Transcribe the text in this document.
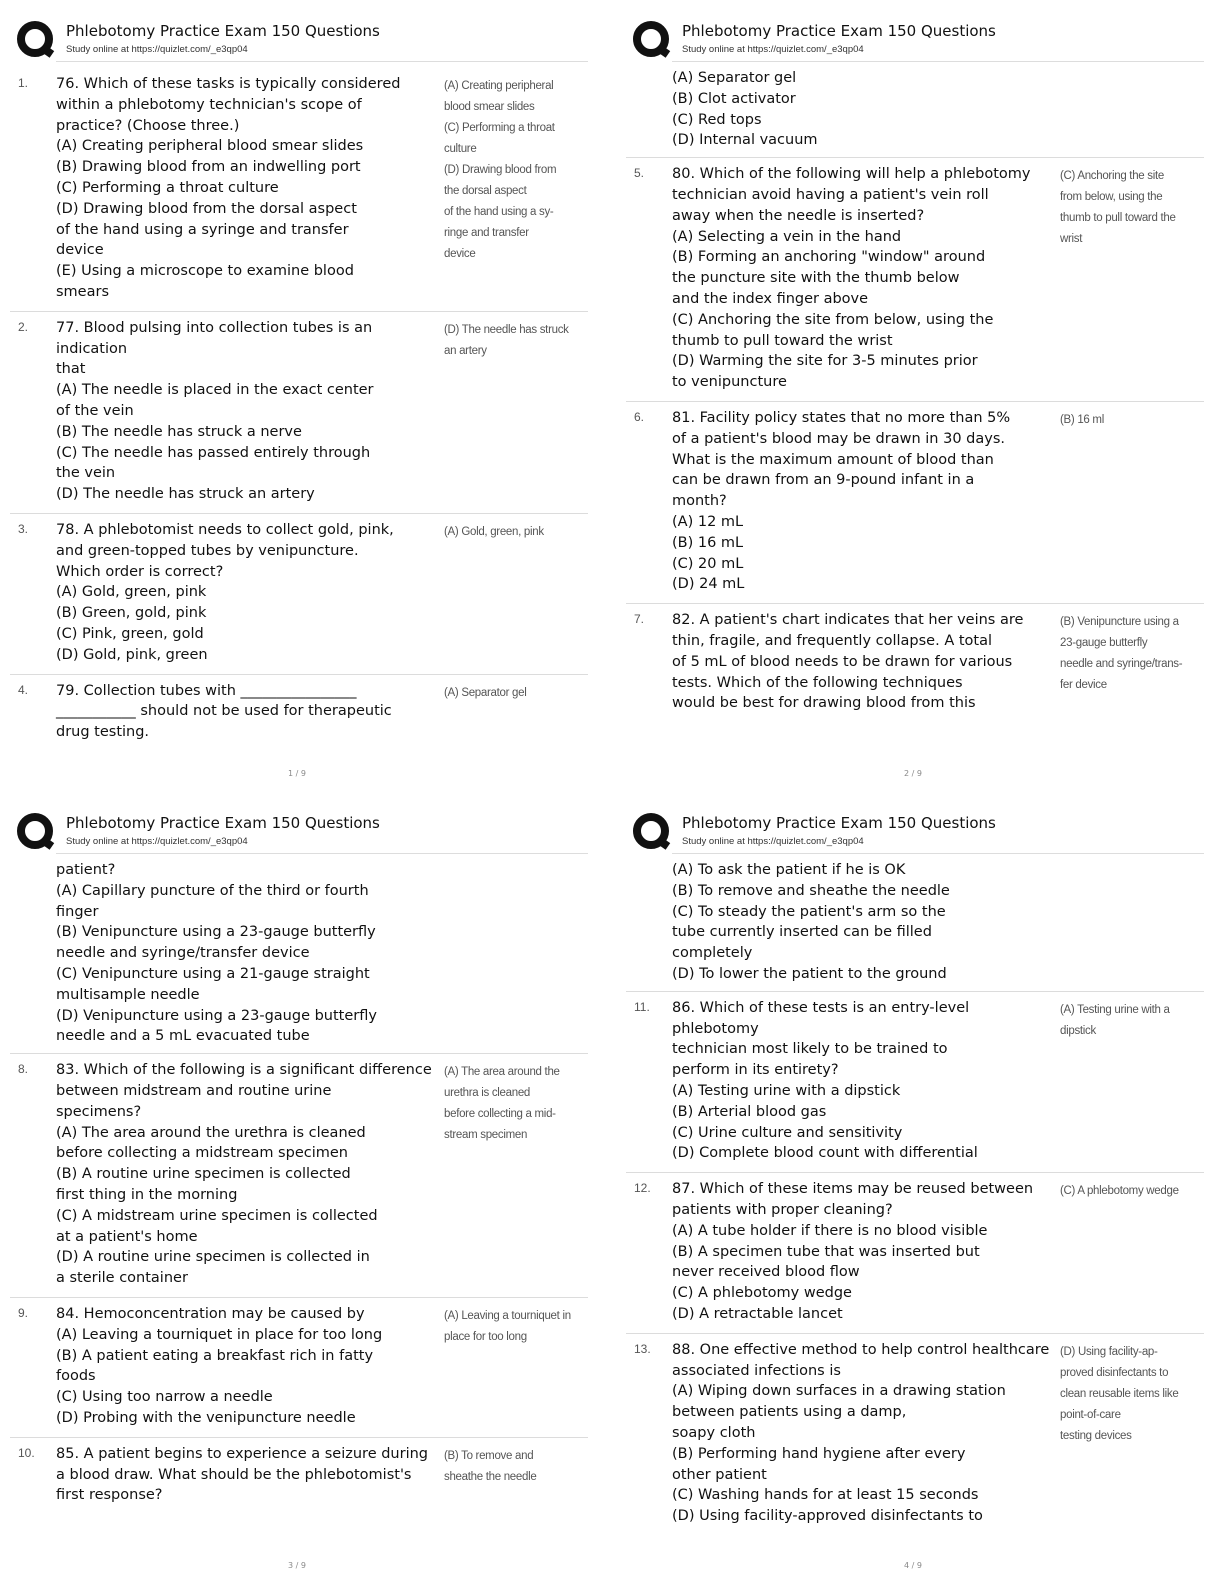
Phlebotomy Practice Exam 150 Questions
Study online at https://quizlet.com/_e3qp04
1. 76. Which of these tasks is typically considered
within a phlebotomy technician's scope of
practice? (Choose three.)
(A) Creating peripheral blood smear slides
(B) Drawing blood from an indwelling port
(C) Performing a throat culture
(D) Drawing blood from the dorsal aspect
of the hand using a syringe and transfer
device
(E) Using a microscope to examine blood
smears
(A) Creating peripheral
blood smear slides
(C) Performing a throat
culture
(D) Drawing blood from
the dorsal aspect
of the hand using a sy-
ringe and transfer
device
2. 77. Blood pulsing into collection tubes is an indication
that
(A) The needle is placed in the exact center
of the vein
(B) The needle has struck a nerve
(C) The needle has passed entirely through
the vein
(D) The needle has struck an artery
(D) The needle has struck
an artery
3. 78. A phlebotomist needs to collect gold, pink,
and green-topped tubes by venipuncture.
Which order is correct?
(A) Gold, green, pink
(B) Green, gold, pink
(C) Pink, green, gold
(D) Gold, pink, green
(A) Gold, green, pink
4. 79. Collection tubes with ________________
___________ should not be used for therapeutic
drug testing.
(A) Separator gel
1 / 9
Phlebotomy Practice Exam 150 Questions
Study online at https://quizlet.com/_e3qp04
(A) Separator gel
(B) Clot activator
(C) Red tops
(D) Internal vacuum
5. 80. Which of the following will help a phlebotomy
technician avoid having a patient's vein roll
away when the needle is inserted?
(A) Selecting a vein in the hand
(B) Forming an anchoring "window" around
the puncture site with the thumb below
and the index finger above
(C) Anchoring the site from below, using the
thumb to pull toward the wrist
(D) Warming the site for 3-5 minutes prior
to venipuncture
(C) Anchoring the site
from below, using the
thumb to pull toward the
wrist
6. 81. Facility policy states that no more than 5%
of a patient's blood may be drawn in 30 days.
What is the maximum amount of blood than
can be drawn from an 9-pound infant in a
month?
(A) 12 mL
(B) 16 mL
(C) 20 mL
(D) 24 mL
(B) 16 ml
7. 82. A patient's chart indicates that her veins are
thin, fragile, and frequently collapse. A total
of 5 mL of blood needs to be drawn for various
tests. Which of the following techniques
would be best for drawing blood from this
(B) Venipuncture using a
23-gauge butterfly
needle and syringe/trans-
fer device
2 / 9
Phlebotomy Practice Exam 150 Questions
Study online at https://quizlet.com/_e3qp04
patient?
(A) Capillary puncture of the third or fourth
finger
(B) Venipuncture using a 23-gauge butterfly
needle and syringe/transfer device
(C) Venipuncture using a 21-gauge straight
multisample needle
(D) Venipuncture using a 23-gauge butterfly
needle and a 5 mL evacuated tube
8. 83. Which of the following is a significant difference
between midstream and routine urine
specimens?
(A) The area around the urethra is cleaned
before collecting a midstream specimen
(B) A routine urine specimen is collected
first thing in the morning
(C) A midstream urine specimen is collected
at a patient's home
(D) A routine urine specimen is collected in
a sterile container
(A) The area around the
urethra is cleaned
before collecting a mid-
stream specimen
9. 84. Hemoconcentration may be caused by
(A) Leaving a tourniquet in place for too long
(B) A patient eating a breakfast rich in fatty
foods
(C) Using too narrow a needle
(D) Probing with the venipuncture needle
(A) Leaving a tourniquet in
place for too long
10. 85. A patient begins to experience a seizure during
a blood draw. What should be the phlebotomist's
first response?
(B) To remove and
sheathe the needle
3 / 9
Phlebotomy Practice Exam 150 Questions
Study online at https://quizlet.com/_e3qp04
(A) To ask the patient if he is OK
(B) To remove and sheathe the needle
(C) To steady the patient's arm so the
tube currently inserted can be filled
completely
(D) To lower the patient to the ground
11. 86. Which of these tests is an entry-level phlebotomy
technician most likely to be trained to
perform in its entirety?
(A) Testing urine with a dipstick
(B) Arterial blood gas
(C) Urine culture and sensitivity
(D) Complete blood count with differential
(A) Testing urine with a
dipstick
12. 87. Which of these items may be reused between
patients with proper cleaning?
(A) A tube holder if there is no blood visible
(B) A specimen tube that was inserted but
never received blood flow
(C) A phlebotomy wedge
(D) A retractable lancet
(C) A phlebotomy wedge
13. 88. One effective method to help control healthcare
associated infections is
(A) Wiping down surfaces in a drawing station
between patients using a damp,
soapy cloth
(B) Performing hand hygiene after every
other patient
(C) Washing hands for at least 15 seconds
(D) Using facility-approved disinfectants to
(D) Using facility-ap-
proved disinfectants to
clean reusable items like
point-of-care
testing devices
4 / 9
